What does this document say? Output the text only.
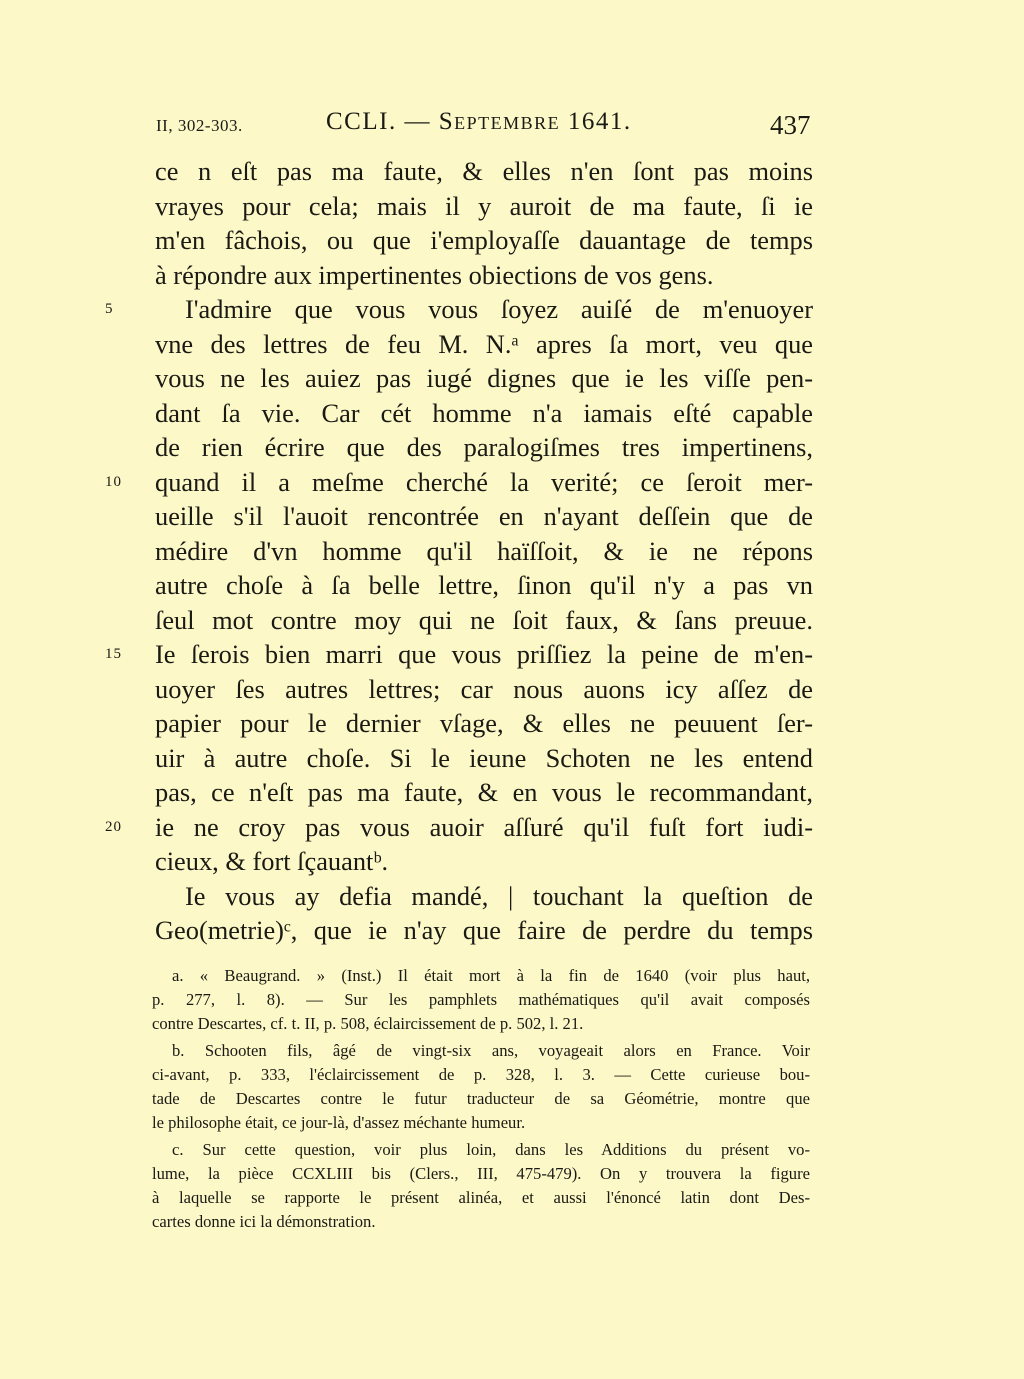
II, 302-303.	CCLI. — Septembre 1641.	437
ce n eſt pas ma faute, & elles n'en ſont pas moins
vrayes pour cela; mais il y auroit de ma faute, ſi ie
m'en fâchois, ou que i'employaſſe dauantage de temps
à répondre aux impertinentes obiections de vos gens.
5	I'admire que vous vous ſoyez auiſé de m'enuoyer
vne des lettres de feu M. N.ᵃ apres ſa mort, veu que
vous ne les auiez pas iugé dignes que ie les viſſe pen-
dant ſa vie. Car cét homme n'a iamais eſté capable
de rien écrire que des paralogiſmes tres impertinens,
10	quand il a meſme cherché la verité; ce ſeroit mer-
ueille s'il l'auoit rencontrée en n'ayant deſſein que de
médire d'vn homme qu'il haïſſoit, & ie ne répons
autre choſe à ſa belle lettre, ſinon qu'il n'y a pas vn
ſeul mot contre moy qui ne ſoit faux, & ſans preuue.
15	Ie ſerois bien marri que vous priſſiez la peine de m'en-
uoyer ſes autres lettres; car nous auons icy aſſez de
papier pour le dernier vſage, & elles ne peuuent ſer-
uir à autre choſe. Si le ieune Schoten ne les entend
pas, ce n'eſt pas ma faute, & en vous le recommandant,
20	ie ne croy pas vous auoir aſſuré qu'il fuſt fort iudi-
cieux, & fort ſçauantᵇ.
Ie vous ay defia mandé, | touchant la queſtion de
Geo(metrie)ᶜ, que ie n'ay que faire de perdre du temps
a. « Beaugrand. » (Inst.) Il était mort à la fin de 1640 (voir plus haut,
p. 277, l. 8). — Sur les pamphlets mathématiques qu'il avait composés
contre Descartes, cf. t. II, p. 508, éclaircissement de p. 502, l. 21.
b. Schooten fils, âgé de vingt-six ans, voyageait alors en France. Voir
ci-avant, p. 333, l'éclaircissement de p. 328, l. 3. — Cette curieuse bou-
tade de Descartes contre le futur traducteur de sa Géométrie, montre que
le philosophe était, ce jour-là, d'assez méchante humeur.
c. Sur cette question, voir plus loin, dans les Additions du présent vo-
lume, la pièce CCXLIII bis (Clers., III, 475-479). On y trouvera la figure
à laquelle se rapporte le présent alinéa, et aussi l'énoncé latin dont Des-
cartes donne ici la démonstration.
